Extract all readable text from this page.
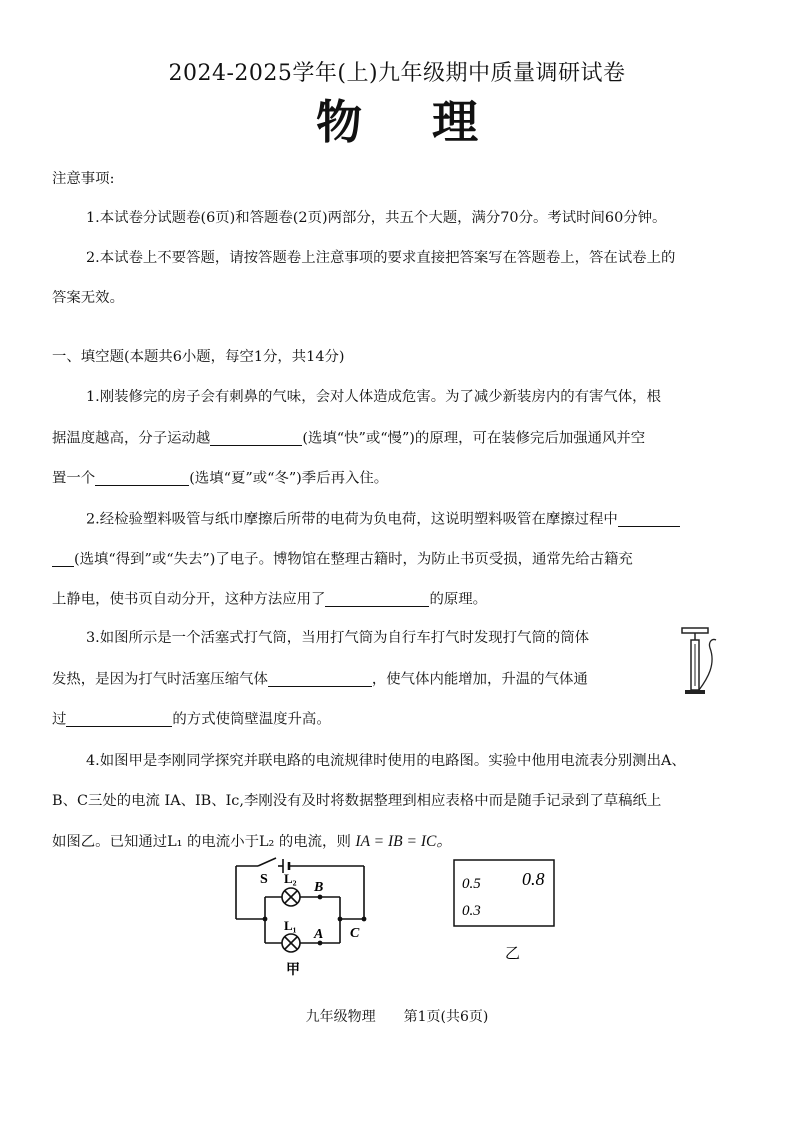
2024-2025学年(上)九年级期中质量调研试卷
物理
注意事项:
1.本试卷分试题卷(6页)和答题卷(2页)两部分，共五个大题，满分70分。考试时间60分钟。
2.本试卷上不要答题，请按答题卷上注意事项的要求直接把答案写在答题卷上，答在试卷上的
答案无效。
一、填空题(本题共6小题，每空1分，共14分)
1.刚装修完的房子会有刺鼻的气味，会对人体造成危害。为了减少新装房内的有害气体，根
据温度越高，分子运动越	(选填“快”或“慢”)的原理，可在装修完后加强通风并空
置一个	(选填“夏”或“冬”)季后再入住。
2.经检验塑料吸管与纸巾摩擦后所带的电荷为负电荷，这说明塑料吸管在摩擦过程中
(选填“得到”或“失去”)了电子。博物馆在整理古籍时，为防止书页受损，通常先给古籍充
上静电，使书页自动分开，这种方法应用了	的原理。
3.如图所示是一个活塞式打气筒，当用打气筒为自行车打气时发现打气筒的筒体
发热，是因为打气时活塞压缩气体	，使气体内能增加，升温的气体通
过	的方式使筒壁温度升高。
4.如图甲是李刚同学探究并联电路的电流规律时使用的电路图。实验中他用电流表分别测出A、
B、C三处的电流 IA、IB、Ic,李刚没有及时将数据整理到相应表格中而是随手记录到了草稿纸上
如图乙。已知通过L₁ 的电流小于L₂ 的电流，则 IA = IB = IC。
S L₂
B
L₁
A C
甲
0.5 0.8
0.3
乙
九年级物理 第1页(共6页)
